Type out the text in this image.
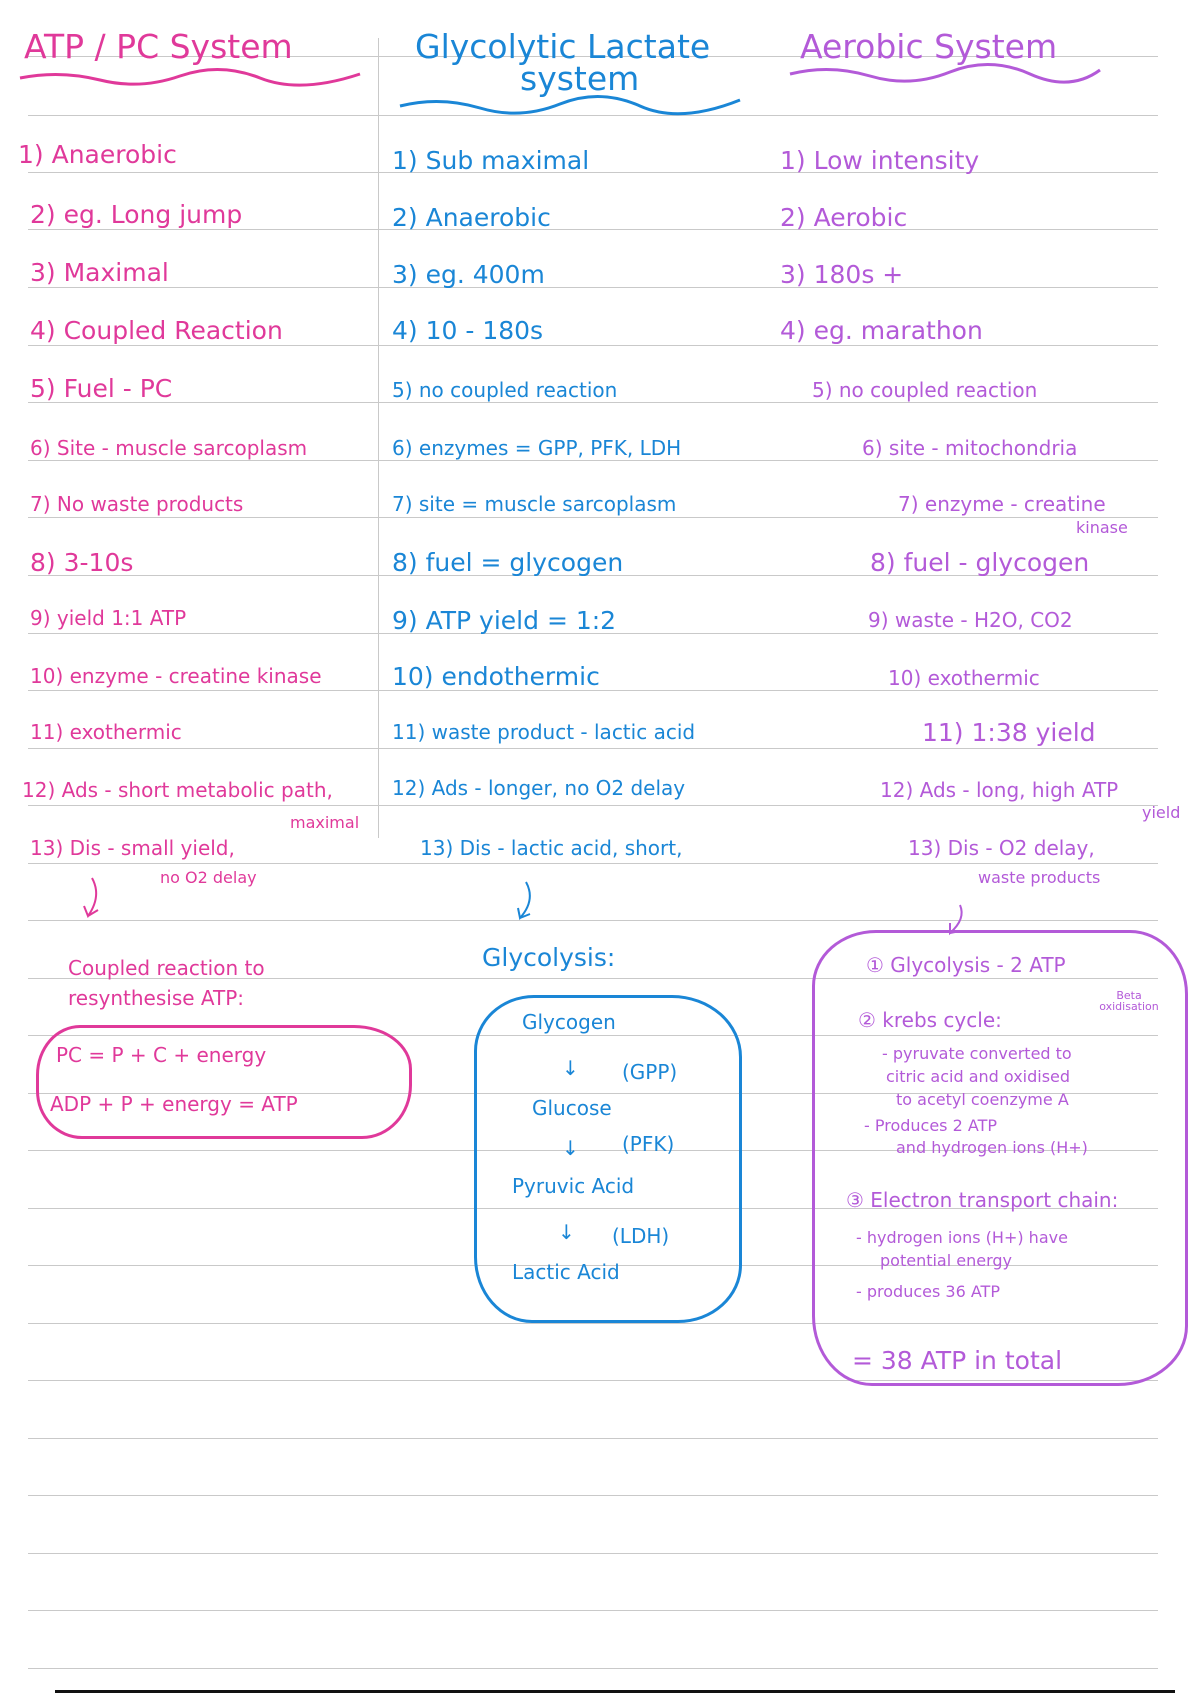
ATP / PC System	Glycolytic Lactate
system
Aerobic System
1) Anaerobic
2) eg. Long jump
3) Maximal
4) Coupled Reaction
5) Fuel - PC
6) Site - muscle sarcoplasm
7) No waste products
8) 3-10s
9) yield 1:1 ATP
10) enzyme - creatine kinase
11) exothermic
12) Ads - short metabolic path,
maximal
13) Dis - small yield,
no O2 delay
1) Sub maximal
2) Anaerobic
3) eg. 400m
4) 10 - 180s
5) no coupled reaction
6) enzymes = GPP, PFK, LDH
7) site = muscle sarcoplasm
8) fuel = glycogen
9) ATP yield = 1:2
10) endothermic
11) waste product - lactic acid
12) Ads - longer, no O2 delay
13) Dis - lactic acid, short,
1) Low intensity
2) Aerobic
3) 180s +
4) eg. marathon
5) no coupled reaction
6) site - mitochondria
7) enzyme - creatine
kinase
8) fuel - glycogen
9) waste - H2O, CO2
10) exothermic
11) 1:38 yield
12) Ads - long, high ATP
yield
13) Dis - O2 delay,
waste products
Coupled reaction to
resynthesise ATP:
PC = P + C + energy
ADP + P + energy = ATP
Glycolysis:
Glycogen
↓ (GPP)
Glucose
↓ (PFK)
Pyruvic Acid
↓ (LDH)
Lactic Acid
① Glycolysis - 2 ATP
② krebs cycle:
Beta oxidisation
- pyruvate converted to
citric acid and oxidised
to acetyl coenzyme A
- Produces 2 ATP
and hydrogen ions (H+)
③ Electron transport chain:
- hydrogen ions (H+) have
potential energy
- produces 36 ATP
= 38 ATP in total
